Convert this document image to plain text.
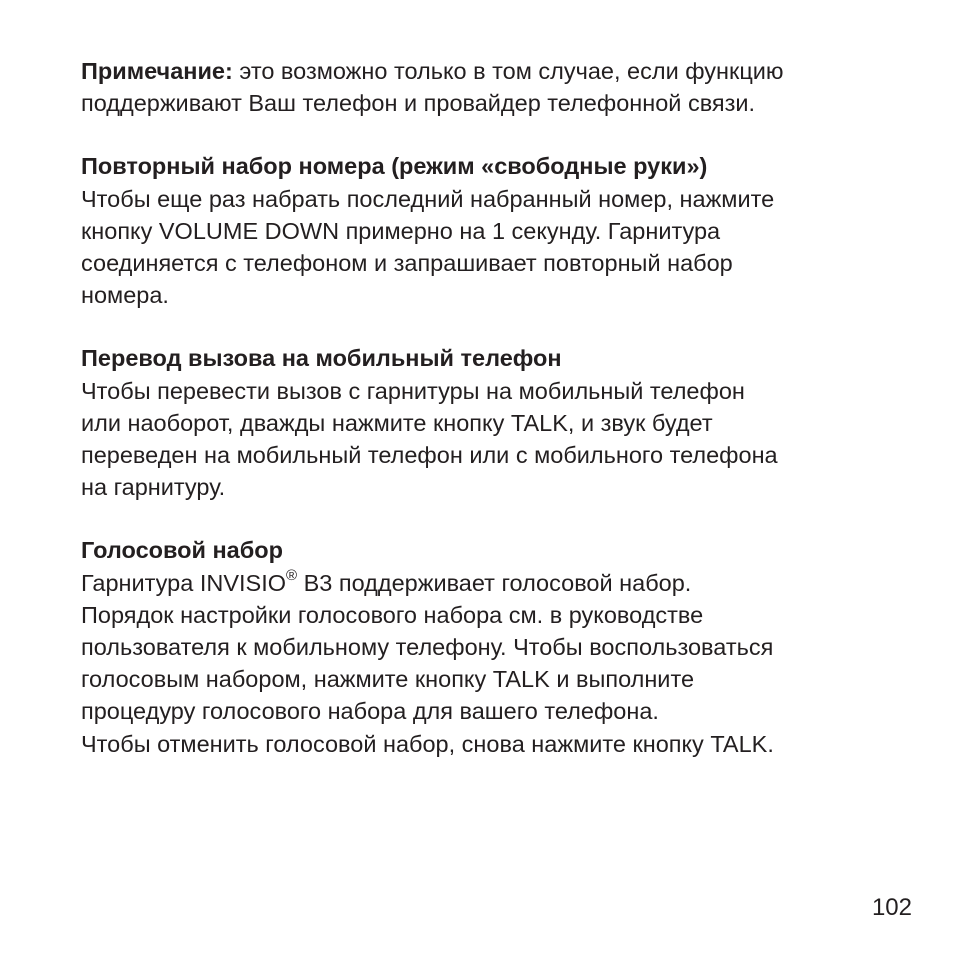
Примечание: это возможно только в том случае, если функцию
поддерживают Ваш телефон и провайдер телефонной связи.
Повторный набор номера (режим «свободные руки»)
Чтобы еще раз набрать последний набранный номер, нажмите
кнопку VOLUME DOWN примерно на 1 секунду. Гарнитура
соединяется с телефоном и запрашивает повторный набор
номера.
Перевод вызова на мобильный телефон
Чтобы перевести вызов с гарнитуры на мобильный телефон
или наоборот, дважды нажмите кнопку TALK, и звук будет
переведен на мобильный телефон или с мобильного телефона
на гарнитуру.
Голосовой набор
Гарнитура INVISIO® B3 поддерживает голосовой набор.
Порядок настройки голосового набора см. в руководстве
пользователя к мобильному телефону. Чтобы воспользоваться
голосовым набором, нажмите кнопку TALK и выполните
процедуру голосового набора для вашего телефона.
Чтобы отменить голосовой набор, снова нажмите кнопку TALK.
102
